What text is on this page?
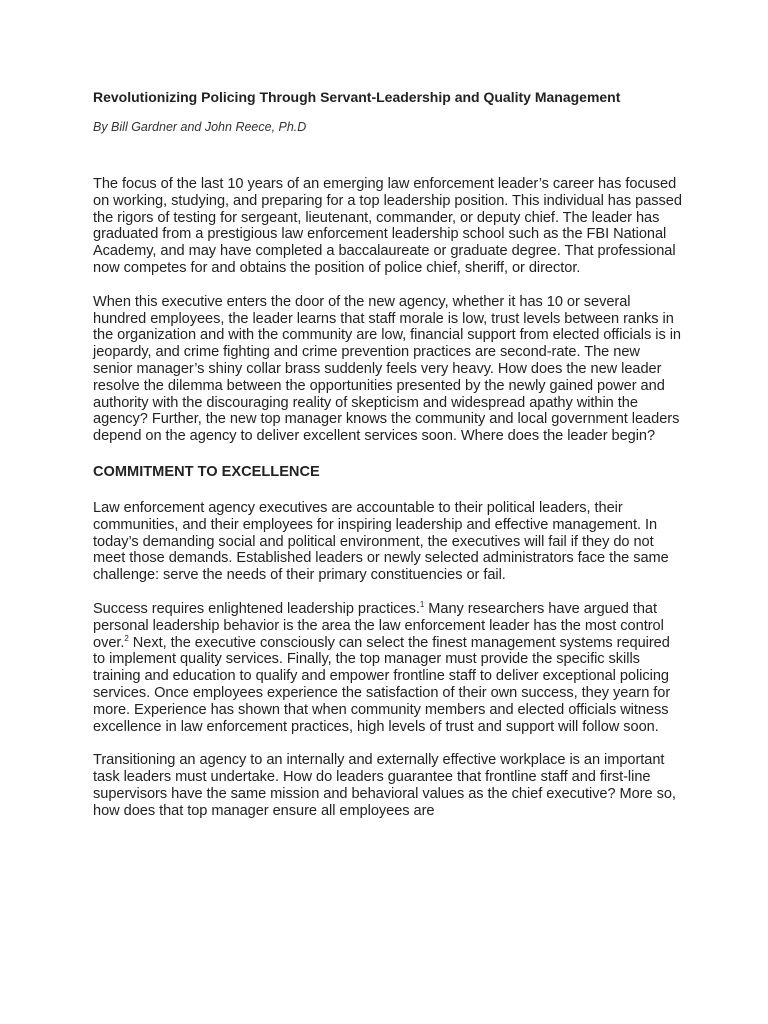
Revolutionizing Policing Through Servant-Leadership and Quality Management

By Bill Gardner and John Reece, Ph.D

The focus of the last 10 years of an emerging law enforcement leader’s career has focused on working, studying, and preparing for a top leadership position. This individual has passed the rigors of testing for sergeant, lieutenant, commander, or deputy chief. The leader has graduated from a prestigious law enforcement leadership school such as the FBI National Academy, and may have completed a baccalaureate or graduate degree. That professional now competes for and obtains the position of police chief, sheriff, or director.

When this executive enters the door of the new agency, whether it has 10 or several hundred employees, the leader learns that staff morale is low, trust levels between ranks in the organization and with the community are low, financial support from elected officials is in jeopardy, and crime fighting and crime prevention practices are second-rate. The new senior manager’s shiny collar brass suddenly feels very heavy. How does the new leader resolve the dilemma between the opportunities presented by the newly gained power and authority with the discouraging reality of skepticism and widespread apathy within the agency? Further, the new top manager knows the community and local government leaders depend on the agency to deliver excellent services soon. Where does the leader begin?

COMMITMENT TO EXCELLENCE

Law enforcement agency executives are accountable to their political leaders, their communities, and their employees for inspiring leadership and effective management. In today’s demanding social and political environment, the executives will fail if they do not meet those demands. Established leaders or newly selected administrators face the same challenge: serve the needs of their primary constituencies or fail.

Success requires enlightened leadership practices.$^1$ Many researchers have argued that personal leadership behavior is the area the law enforcement leader has the most control over.$^2$ Next, the executive consciously can select the finest management systems required to implement quality services. Finally, the top manager must provide the specific skills training and education to qualify and empower frontline staff to deliver exceptional policing services. Once employees experience the satisfaction of their own success, they yearn for more. Experience has shown that when community members and elected officials witness excellence in law enforcement practices, high levels of trust and support will follow soon.

Transitioning an agency to an internally and externally effective workplace is an important task leaders must undertake. How do leaders guarantee that frontline staff and first-line supervisors have the same mission and behavioral values as the chief executive? More so, how does that top manager ensure all employees are
